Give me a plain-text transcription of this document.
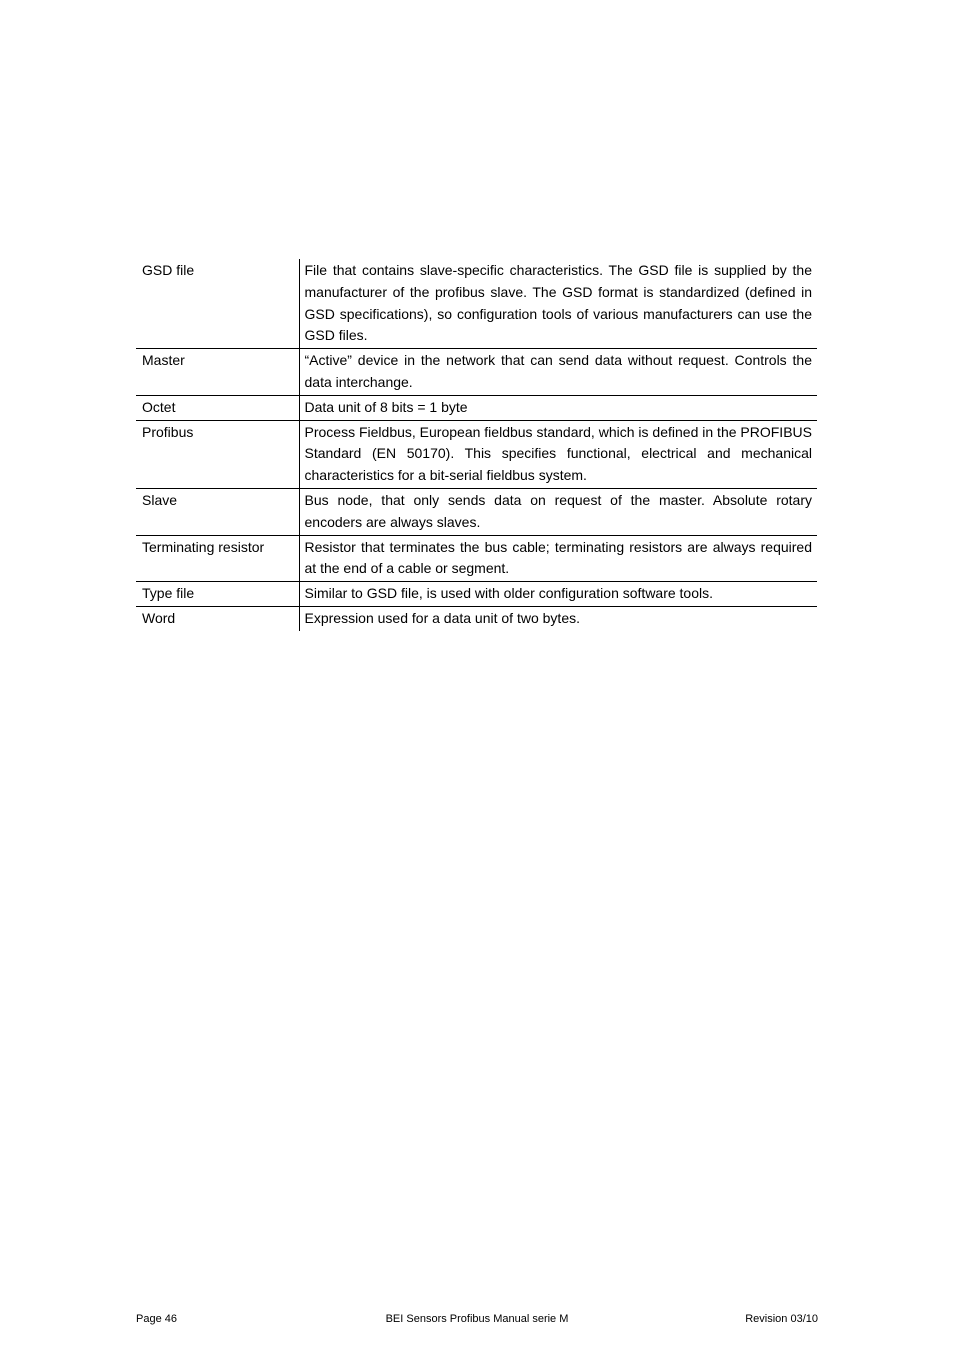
GSD file	File that contains slave-specific characteristics. The GSD file is supplied by the manufacturer of the profibus slave. The GSD format is standardized (defined in GSD specifications), so configuration tools of various manufacturers can use the GSD files.
Master	“Active” device in the network that can send data without request. Controls the data interchange.
Octet	Data unit of 8 bits = 1 byte
Profibus	Process Fieldbus, European fieldbus standard, which is defined in the PROFIBUS Standard (EN 50170). This specifies functional, electrical and mechanical characteristics for a bit-serial fieldbus system.
Slave	Bus node, that only sends data on request of the master. Absolute rotary encoders are always slaves.
Terminating resistor	Resistor that terminates the bus cable; terminating resistors are always required at the end of a cable or segment.
Type file	Similar to GSD file, is used with older configuration software tools.
Word	Expression used for a data unit of two bytes.
Page 46	BEI Sensors Profibus Manual serie M	Revision 03/10
